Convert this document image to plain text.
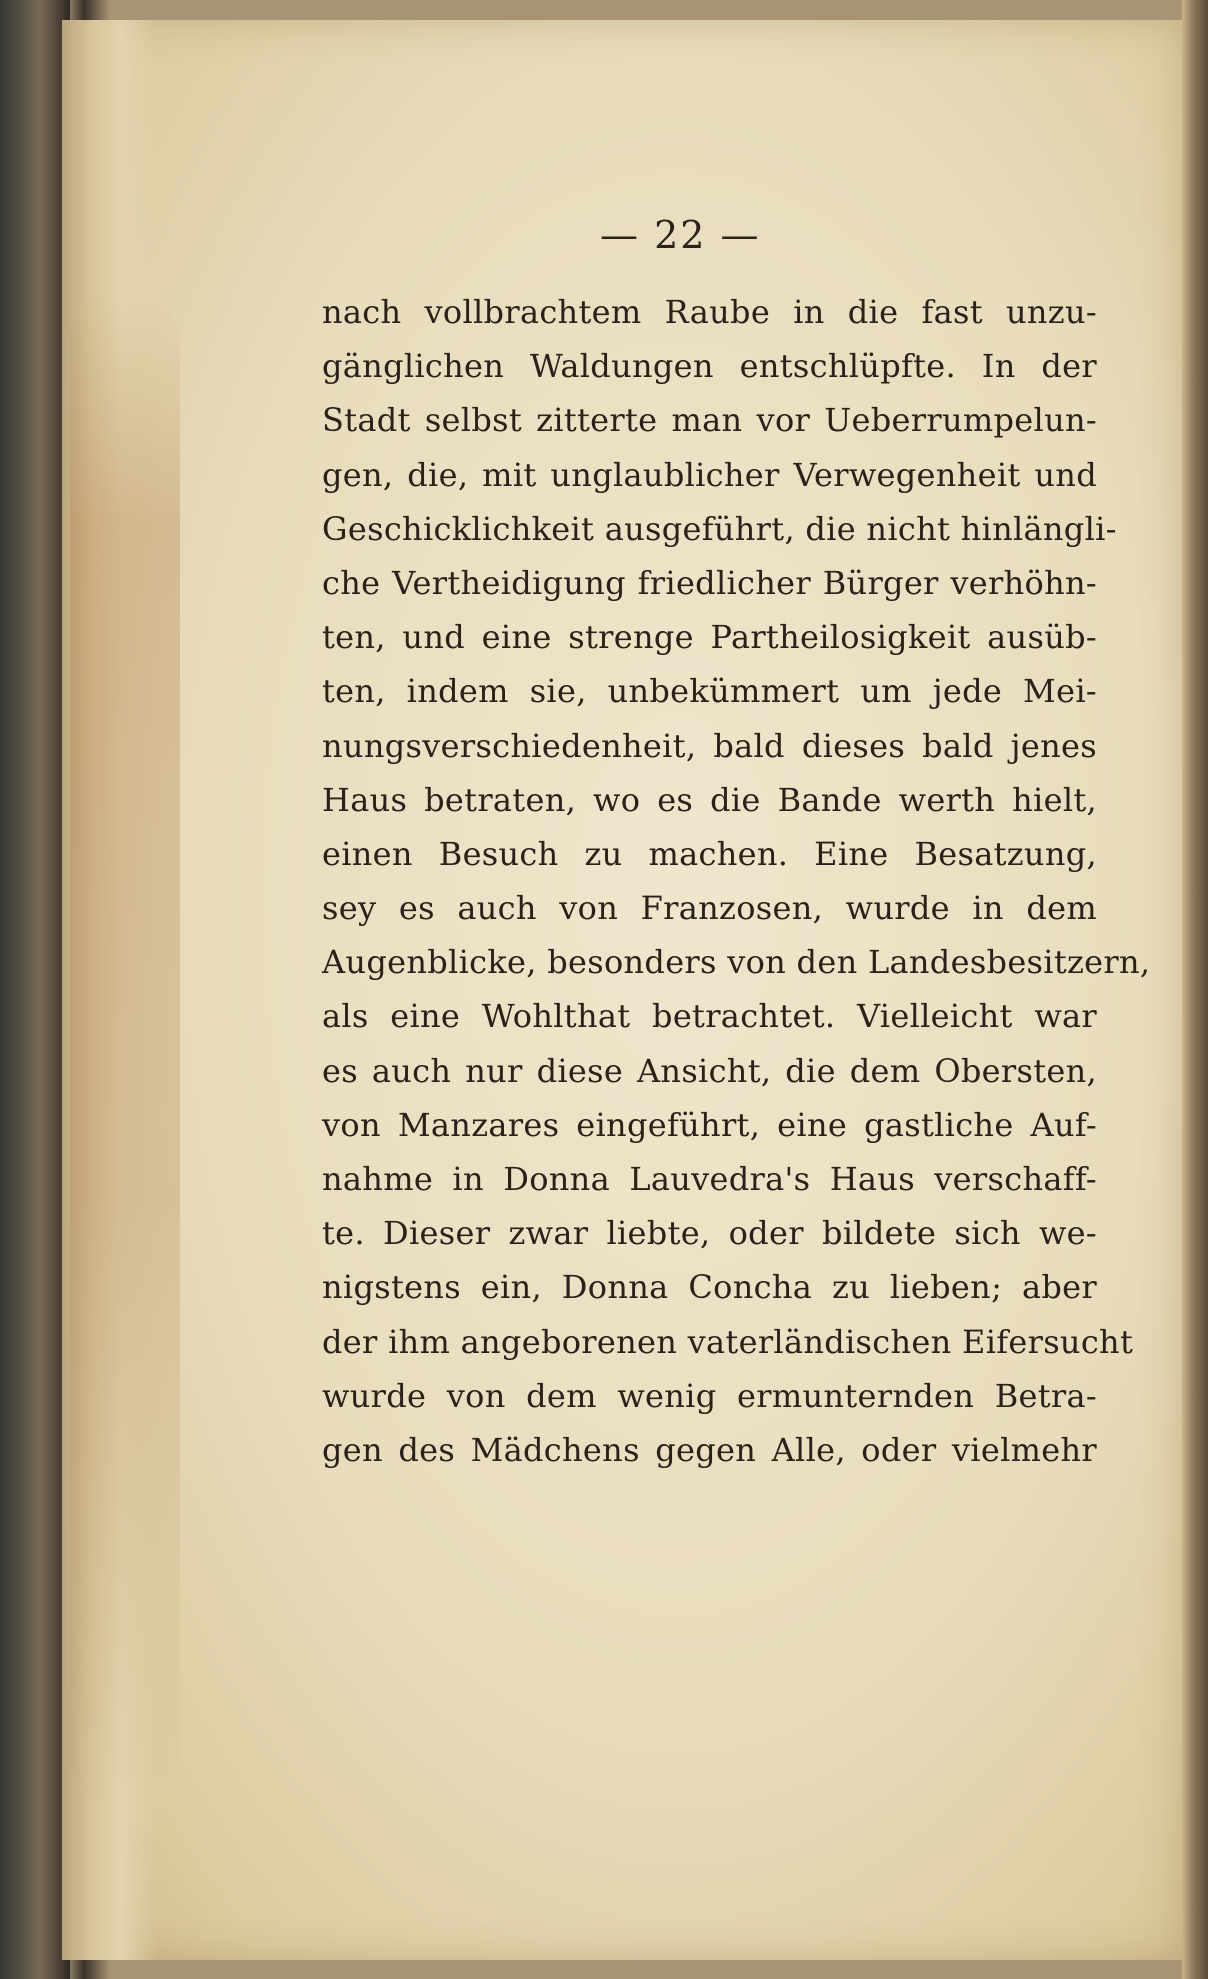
— 22 —
nach vollbrachtem Raube in die fast unzu-
gänglichen Waldungen entschlüpfte. In der
Stadt selbst zitterte man vor Ueberrumpelun-
gen, die, mit unglaublicher Verwegenheit und
Geschicklichkeit ausgeführt, die nicht hinlängli-
che Vertheidigung friedlicher Bürger verhöhn-
ten, und eine strenge Partheilosigkeit ausüb-
ten, indem sie, unbekümmert um jede Mei-
nungsverschiedenheit, bald dieses bald jenes
Haus betraten, wo es die Bande werth hielt,
einen Besuch zu machen. Eine Besatzung,
sey es auch von Franzosen, wurde in dem
Augenblicke, besonders von den Landesbesitzern,
als eine Wohlthat betrachtet. Vielleicht war
es auch nur diese Ansicht, die dem Obersten,
von Manzares eingeführt, eine gastliche Auf-
nahme in Donna Lauvedra's Haus verschaff-
te. Dieser zwar liebte, oder bildete sich we-
nigstens ein, Donna Concha zu lieben; aber
der ihm angeborenen vaterländischen Eifersucht
wurde von dem wenig ermunternden Betra-
gen des Mädchens gegen Alle, oder vielmehr
